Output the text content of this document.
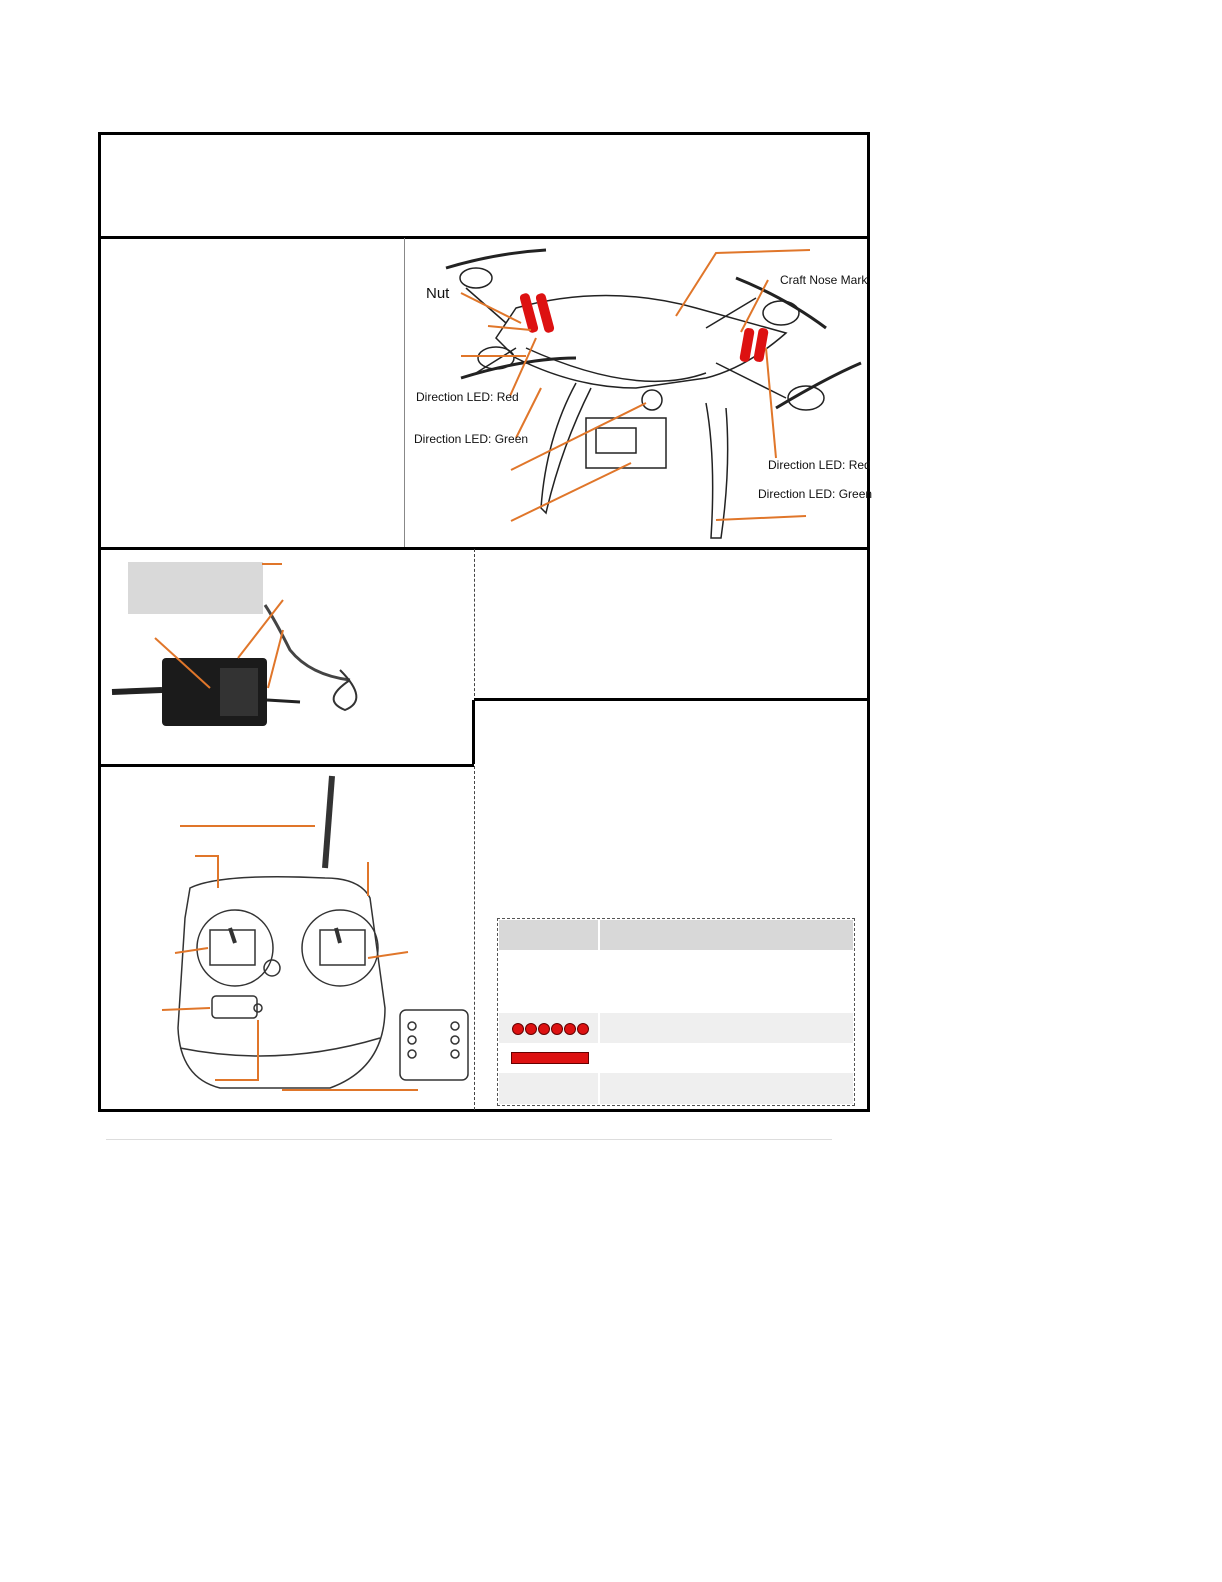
Nut
Craft Nose Mark
Direction LED: Red
Direction LED: Green
Direction LED: Red
Direction LED: Green
